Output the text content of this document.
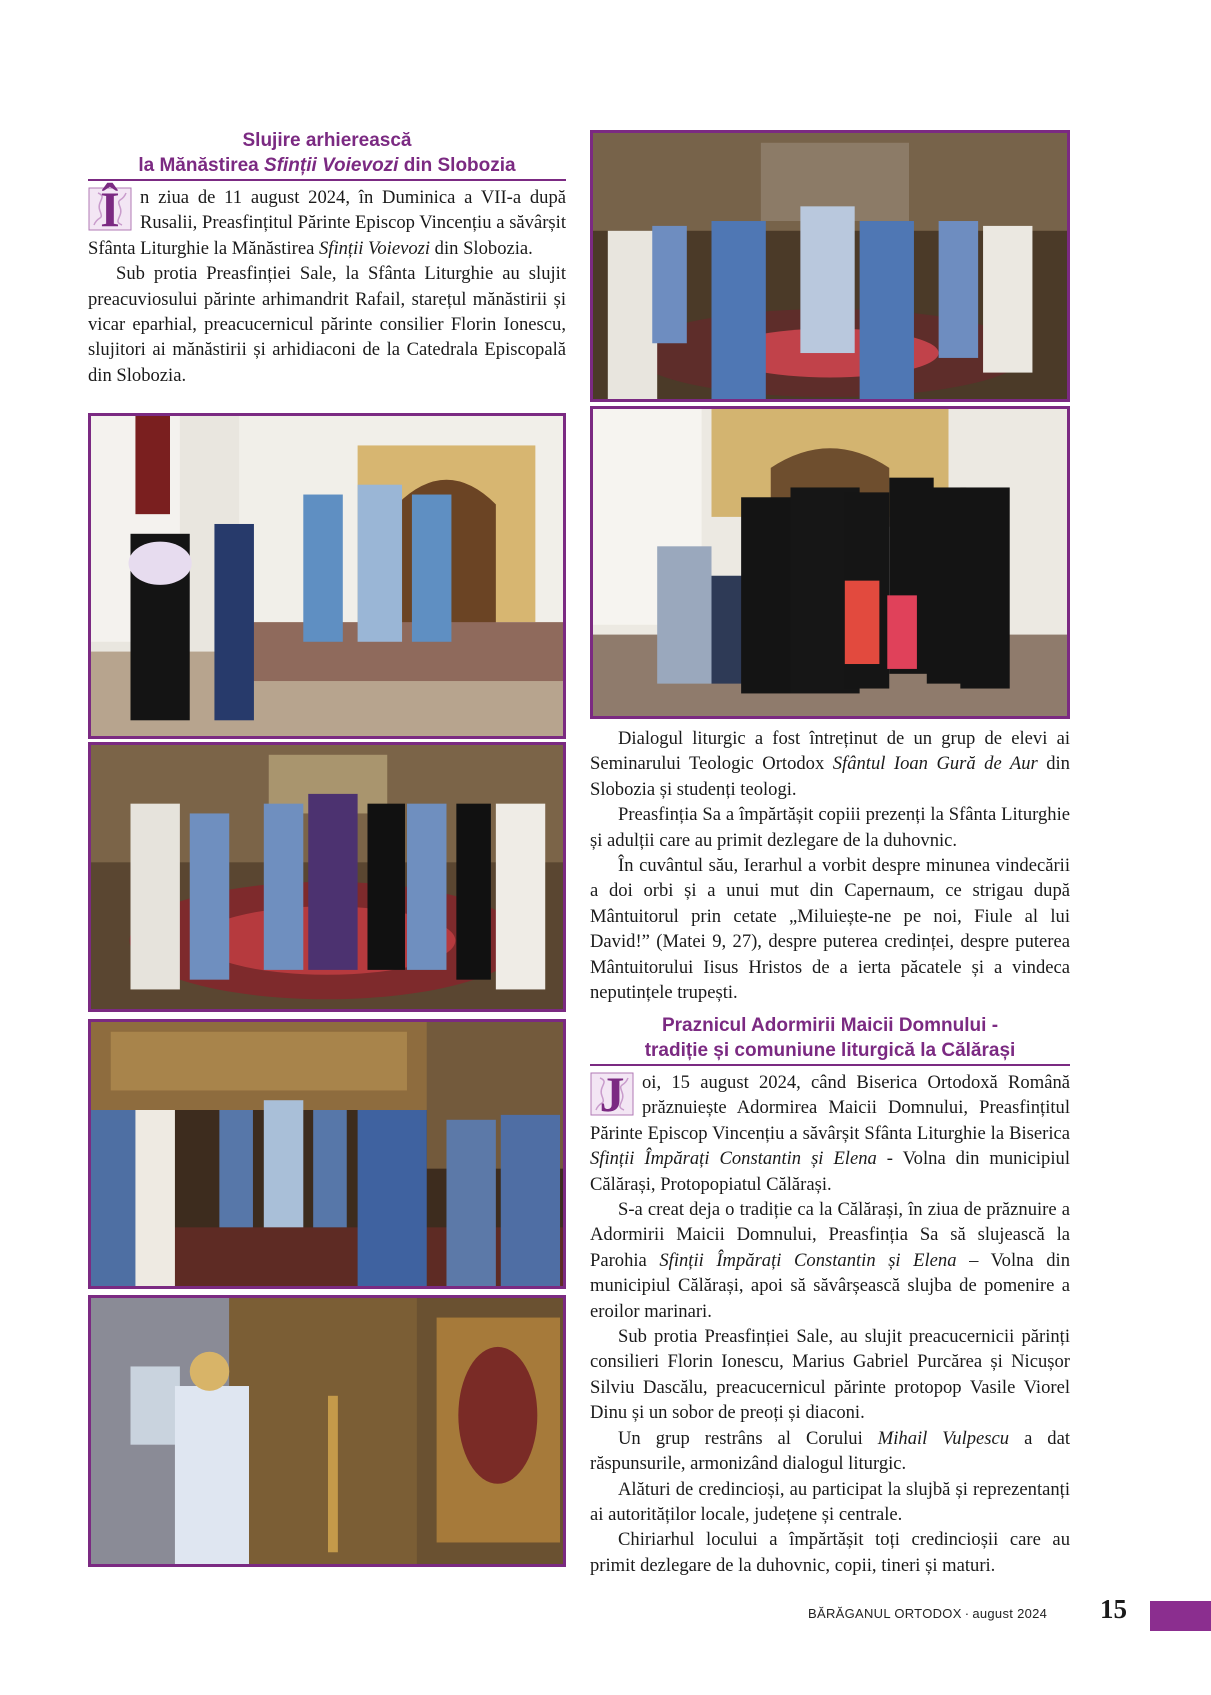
Slujire arhierească
la Mănăstirea Sfinții Voievozi din Slobozia

Î	n ziua de 11 august 2024, în Duminica a VII-a după Rusalii, Preasfințitul Părinte Episcop Vincențiu a săvârșit Sfânta Liturghie la Mănăstirea Sfinții Voievozi din Slobozia.

Sub protia Preasfinției Sale, la Sfânta Liturghie au slujit preacuviosului părinte arhimandrit Rafail, starețul mănăstirii și vicar eparhial, preacucernicul părinte consilier Florin Ionescu, slujitori ai mănăstirii și arhidiaconi de la Catedrala Episcopală din Slobozia.

Dialogul liturgic a fost întreținut de un grup de elevi ai Seminarului Teologic Ortodox Sfântul Ioan Gură de Aur din Slobozia și studenți teologi.

Preasfinția Sa a împărtășit copiii prezenți la Sfânta Liturghie și adulții care au primit dezlegare de la duhovnic.

În cuvântul său, Ierarhul a vorbit despre minunea vindecării a doi orbi și a unui mut din Capernaum, ce strigau după Mântuitorul prin cetate „Miluiește-ne pe noi, Fiule al lui David!” (Matei 9, 27), despre puterea credinței, despre puterea Mântuitorului Iisus Hristos de a ierta păcatele și a vindeca neputințele trupești.

Praznicul Adormirii Maicii Domnului -
tradiție și comuniune liturgică la Călărași

J oi, 15 august 2024, când Biserica Ortodoxă Română prăznuiește Adormirea Maicii Domnului, Preasfințitul Părinte Episcop Vincențiu a săvârșit Sfânta Liturghie la Biserica Sfinții Împărați Constantin și Elena - Volna din municipiul Călărași, Protopopiatul Călărași.

S-a creat deja o tradiție ca la Călărași, în ziua de prăznuire a Adormirii Maicii Domnului, Preasfinția Sa să slujească la Parohia Sfinții Împărați Constantin și Elena – Volna din municipiul Călărași, apoi să săvârșească slujba de pomenire a eroilor marinari.

Sub protia Preasfinției Sale, au slujit preacucernicii părinți consilieri Florin Ionescu, Marius Gabriel Purcărea și Nicușor Silviu Dascălu, preacucernicul părinte protopop Vasile Viorel Dinu și un sobor de preoți și diaconi.

Un grup restrâns al Corului Mihail Vulpescu a dat răspunsurile, armonizând dialogul liturgic.

Alături de credincioși, au participat la slujbă și reprezentanți ai autorităților locale, județene și centrale.

Chiriarhul locului a împărtășit toți credincioșii care au primit dezlegare de la duhovnic, copii, tineri și maturi.

BĂRĂGANUL ORTODOX · august 2024 15
